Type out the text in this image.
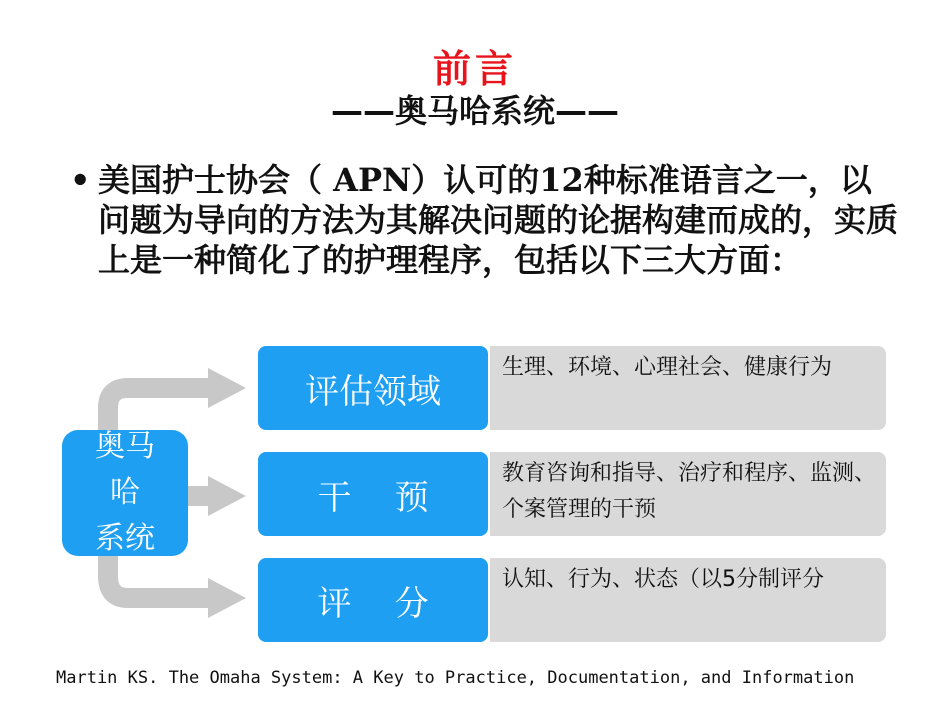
前言
——奥马哈系统——
• 美国护士协会（ APN）认可的12种标准语言之一，以问题为导向的方法为其解决问题的论据构建而成的，实质上是一种简化了的护理程序，包括以下三大方面：
奥马
哈
系统
评估领域
生理、环境、心理社会、健康行为
干    预
教育咨询和指导、治疗和程序、监测、个案管理的干预
评    分
认知、行为、状态（以5分制评分
Martin KS. The Omaha System: A Key to Practice, Documentation, and Information
